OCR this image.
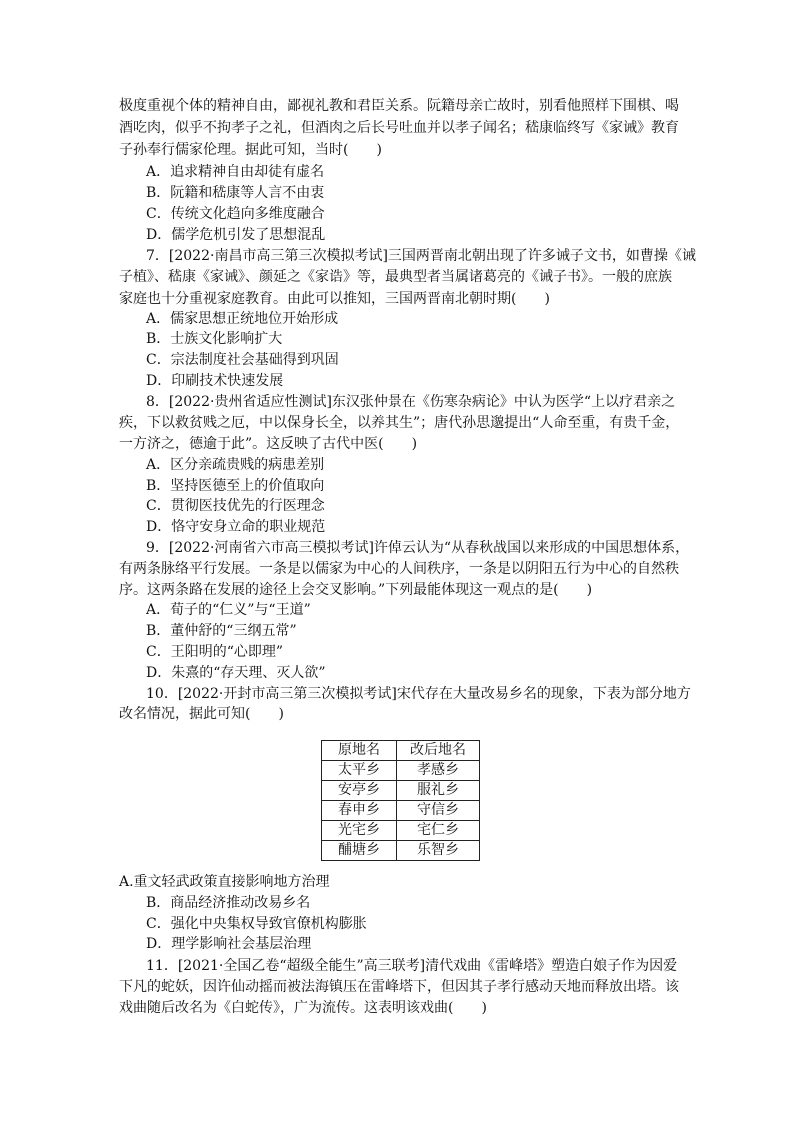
极度重视个体的精神自由，鄙视礼教和君臣关系。阮籍母亲亡故时，别看他照样下围棋、喝
酒吃肉，似乎不拘孝子之礼，但酒肉之后长号吐血并以孝子闻名；嵇康临终写《家诫》教育
子孙奉行儒家伦理。据此可知，当时(　　)
A．追求精神自由却徒有虚名
B．阮籍和嵇康等人言不由衷
C．传统文化趋向多维度融合
D．儒学危机引发了思想混乱
7．[2022·南昌市高三第三次模拟考试]三国两晋南北朝出现了许多诫子文书，如曹操《诫
子植》、嵇康《家诫》、颜延之《家诰》等，最典型者当属诸葛亮的《诫子书》。一般的庶族
家庭也十分重视家庭教育。由此可以推知，三国两晋南北朝时期(　　)
A．儒家思想正统地位开始形成
B．士族文化影响扩大
C．宗法制度社会基础得到巩固
D．印刷技术快速发展
8．[2022·贵州省适应性测试]东汉张仲景在《伤寒杂病论》中认为医学“上以疗君亲之
疾，下以救贫贱之厄，中以保身长全，以养其生”；唐代孙思邈提出“人命至重，有贵千金，
一方济之，德逾于此”。这反映了古代中医(　　)
A．区分亲疏贵贱的病患差别
B．坚持医德至上的价值取向
C．贯彻医技优先的行医理念
D．恪守安身立命的职业规范
9．[2022·河南省六市高三模拟考试]许倬云认为“从春秋战国以来形成的中国思想体系，
有两条脉络平行发展。一条是以儒家为中心的人间秩序，一条是以阴阳五行为中心的自然秩
序。这两条路在发展的途径上会交叉影响。”下列最能体现这一观点的是(　　)
A．荀子的“仁义”与“王道”
B．董仲舒的“三纲五常”
C．王阳明的“心即理”
D．朱熹的“存天理、灭人欲”
10．[2022·开封市高三第三次模拟考试]宋代存在大量改易乡名的现象，下表为部分地方
改名情况，据此可知(　　)
原地名	改后地名
太平乡	孝感乡
安亭乡	服礼乡
春申乡	守信乡
光宅乡	宅仁乡
酺塘乡	乐智乡
A.重文轻武政策直接影响地方治理
B．商品经济推动改易乡名
C．强化中央集权导致官僚机构膨胀
D．理学影响社会基层治理
11．[2021·全国乙卷“超级全能生”高三联考]清代戏曲《雷峰塔》塑造白娘子作为因爱
下凡的蛇妖，因许仙动摇而被法海镇压在雷峰塔下，但因其子孝行感动天地而释放出塔。该
戏曲随后改名为《白蛇传》，广为流传。这表明该戏曲(　　)
